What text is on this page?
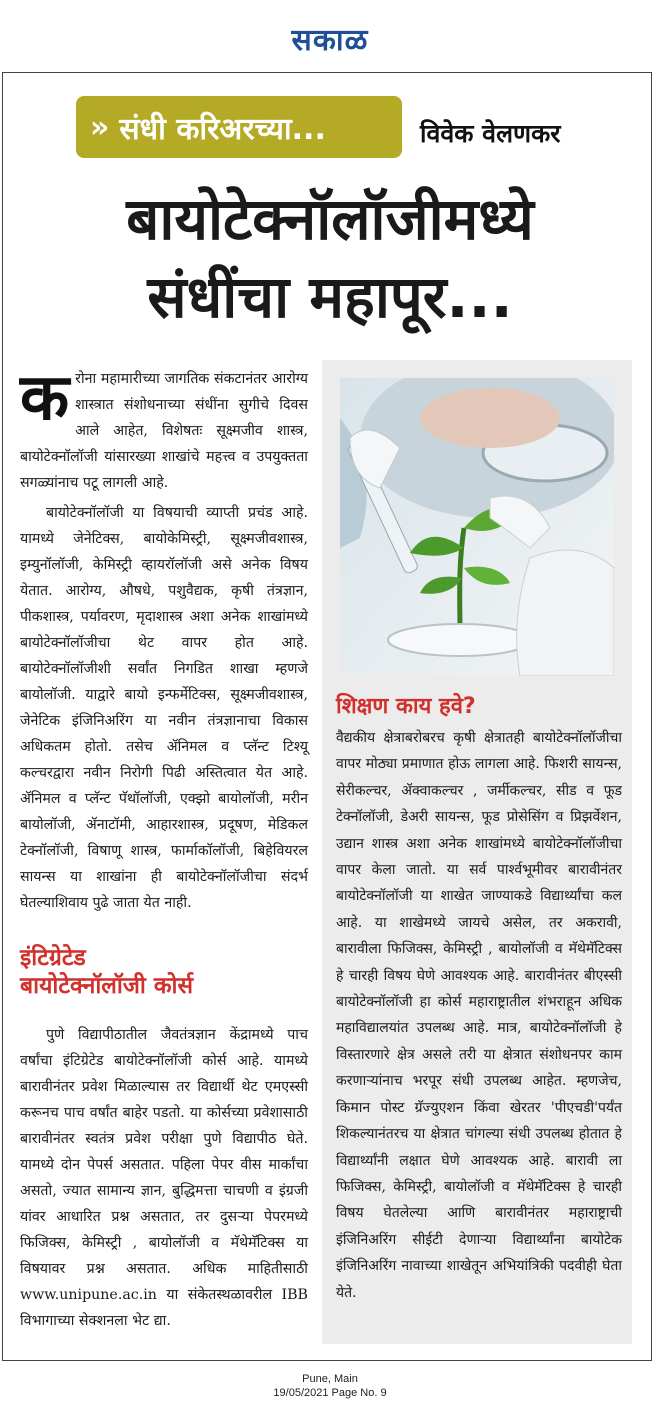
सकाळ
» संधी करिअरच्या...	विवेक वेलणकर
बायोटेक्नॉलॉजीमध्ये
संधींचा महापूर...

करोना महामारीच्या जागतिक संकटानंतर आरोग्य शास्त्रात संशोधनाच्या संधींना सुगीचे दिवस आले आहेत, विशेषतः सूक्ष्मजीव शास्त्र, बायोटेक्नॉलॉजी यांसारख्या शाखांचे महत्त्व व उपयुक्तता सगळ्यांनाच पटू लागली आहे.

बायोटेक्नॉलॉजी या विषयाची व्याप्ती प्रचंड आहे. यामध्ये जेनेटिक्स, बायोकेमिस्ट्री, सूक्ष्मजीवशास्त्र, इम्युनॉलॉजी, केमिस्ट्री व्हायरॉलॉजी असे अनेक विषय येतात. आरोग्य, औषधे, पशुवैद्यक, कृषी तंत्रज्ञान, पीकशास्त्र, पर्यावरण, मृदाशास्त्र अशा अनेक शाखांमध्ये बायोटेक्नॉलॉजीचा थेट वापर होत आहे. बायोटेक्नॉलॉजीशी सर्वांत निगडित शाखा म्हणजे बायोलॉजी. याद्वारे बायो इन्फर्मेटिक्स, सूक्ष्मजीवशास्त्र, जेनेटिक इंजिनिअरिंग या नवीन तंत्रज्ञानाचा विकास अधिकतम होतो. तसेच ॲनिमल व प्लॅन्ट टिश्यू कल्चरद्वारा नवीन निरोगी पिढी अस्तित्वात येत आहे. ॲनिमल व प्लॅन्ट पॅथॉलॉजी, एक्झो बायोलॉजी, मरीन बायोलॉजी, ॲनाटॉमी, आहारशास्त्र, प्रदूषण, मेडिकल टेक्नॉलॉजी, विषाणू शास्त्र, फार्माकॉलॉजी, बिहेवियरल सायन्स या शाखांना ही बायोटेक्नॉलॉजीचा संदर्भ घेतल्याशिवाय पुढे जाता येत नाही.

इंटिग्रेटेड
बायोटेक्नॉलॉजी कोर्स

पुणे विद्यापीठातील जैवतंत्रज्ञान केंद्रामध्ये पाच वर्षांचा इंटिग्रेटेड बायोटेक्नॉलॉजी कोर्स आहे. यामध्ये बारावीनंतर प्रवेश मिळाल्यास तर विद्यार्थी थेट एमएस्सी करूनच पाच वर्षांत बाहेर पडतो. या कोर्सच्या प्रवेशासाठी बारावीनंतर स्वतंत्र प्रवेश परीक्षा पुणे विद्यापीठ घेते. यामध्ये दोन पेपर्स असतात. पहिला पेपर वीस मार्कांचा असतो, ज्यात सामान्य ज्ञान, बुद्धिमत्ता चाचणी व इंग्रजी यांवर आधारित प्रश्न असतात, तर दुसऱ्या पेपरमध्ये फिजिक्स, केमिस्ट्री , बायोलॉजी व मॅथेमॅटिक्स या विषयावर प्रश्न असतात. अधिक माहितीसाठी www.unipune.ac.in या संकेतस्थळावरील IBB विभागाच्या सेक्शनला भेट द्या.

शिक्षण काय हवे?

वैद्यकीय क्षेत्राबरोबरच कृषी क्षेत्रातही बायोटेक्नॉलॉजीचा वापर मोठ्या प्रमाणात होऊ लागला आहे. फिशरी सायन्स, सेरीकल्चर, ॲक्वाकल्चर , जर्मीकल्चर, सीड व फूड टेक्नॉलॉजी, डेअरी सायन्स, फूड प्रोसेसिंग व प्रिझर्वेशन, उद्यान शास्त्र अशा अनेक शाखांमध्ये बायोटेक्नॉलॉजीचा वापर केला जातो. या सर्व पार्श्वभूमीवर बारावीनंतर बायोटेक्नॉलॉजी या शाखेत जाण्याकडे विद्यार्थ्यांचा कल आहे. या शाखेमध्ये जायचे असेल, तर अकरावी, बारावीला फिजिक्स, केमिस्ट्री , बायोलॉजी व मॅथेमॅटिक्स हे चारही विषय घेणे आवश्यक आहे. बारावीनंतर बीएस्सी बायोटेक्नॉलॉजी हा कोर्स महाराष्ट्रातील शंभराहून अधिक महाविद्यालयांत उपलब्ध आहे. मात्र, बायोटेक्नॉलॉजी हे विस्तारणारे क्षेत्र असले तरी या क्षेत्रात संशोधनपर काम करणाऱ्यांनाच भरपूर संधी उपलब्ध आहेत. म्हणजेच, किमान पोस्ट ग्रॅज्युएशन किंवा खेरतर 'पीएचडी'पर्यंत शिकल्यानंतरच या क्षेत्रात चांगल्या संधी उपलब्ध होतात हे विद्यार्थ्यांनी लक्षात घेणे आवश्यक आहे. बारावी ला फिजिक्स, केमिस्ट्री, बायोलॉजी व मॅथेमॅटिक्स हे चारही विषय घेतलेल्या आणि बारावीनंतर महाराष्ट्राची इंजिनिअरिंग सीईटी देणाऱ्या विद्यार्थ्यांना बायोटेक इंजिनिअरिंग नावाच्या शाखेतून अभियांत्रिकी पदवीही घेता येते.

Pune, Main
19/05/2021 Page No. 9
